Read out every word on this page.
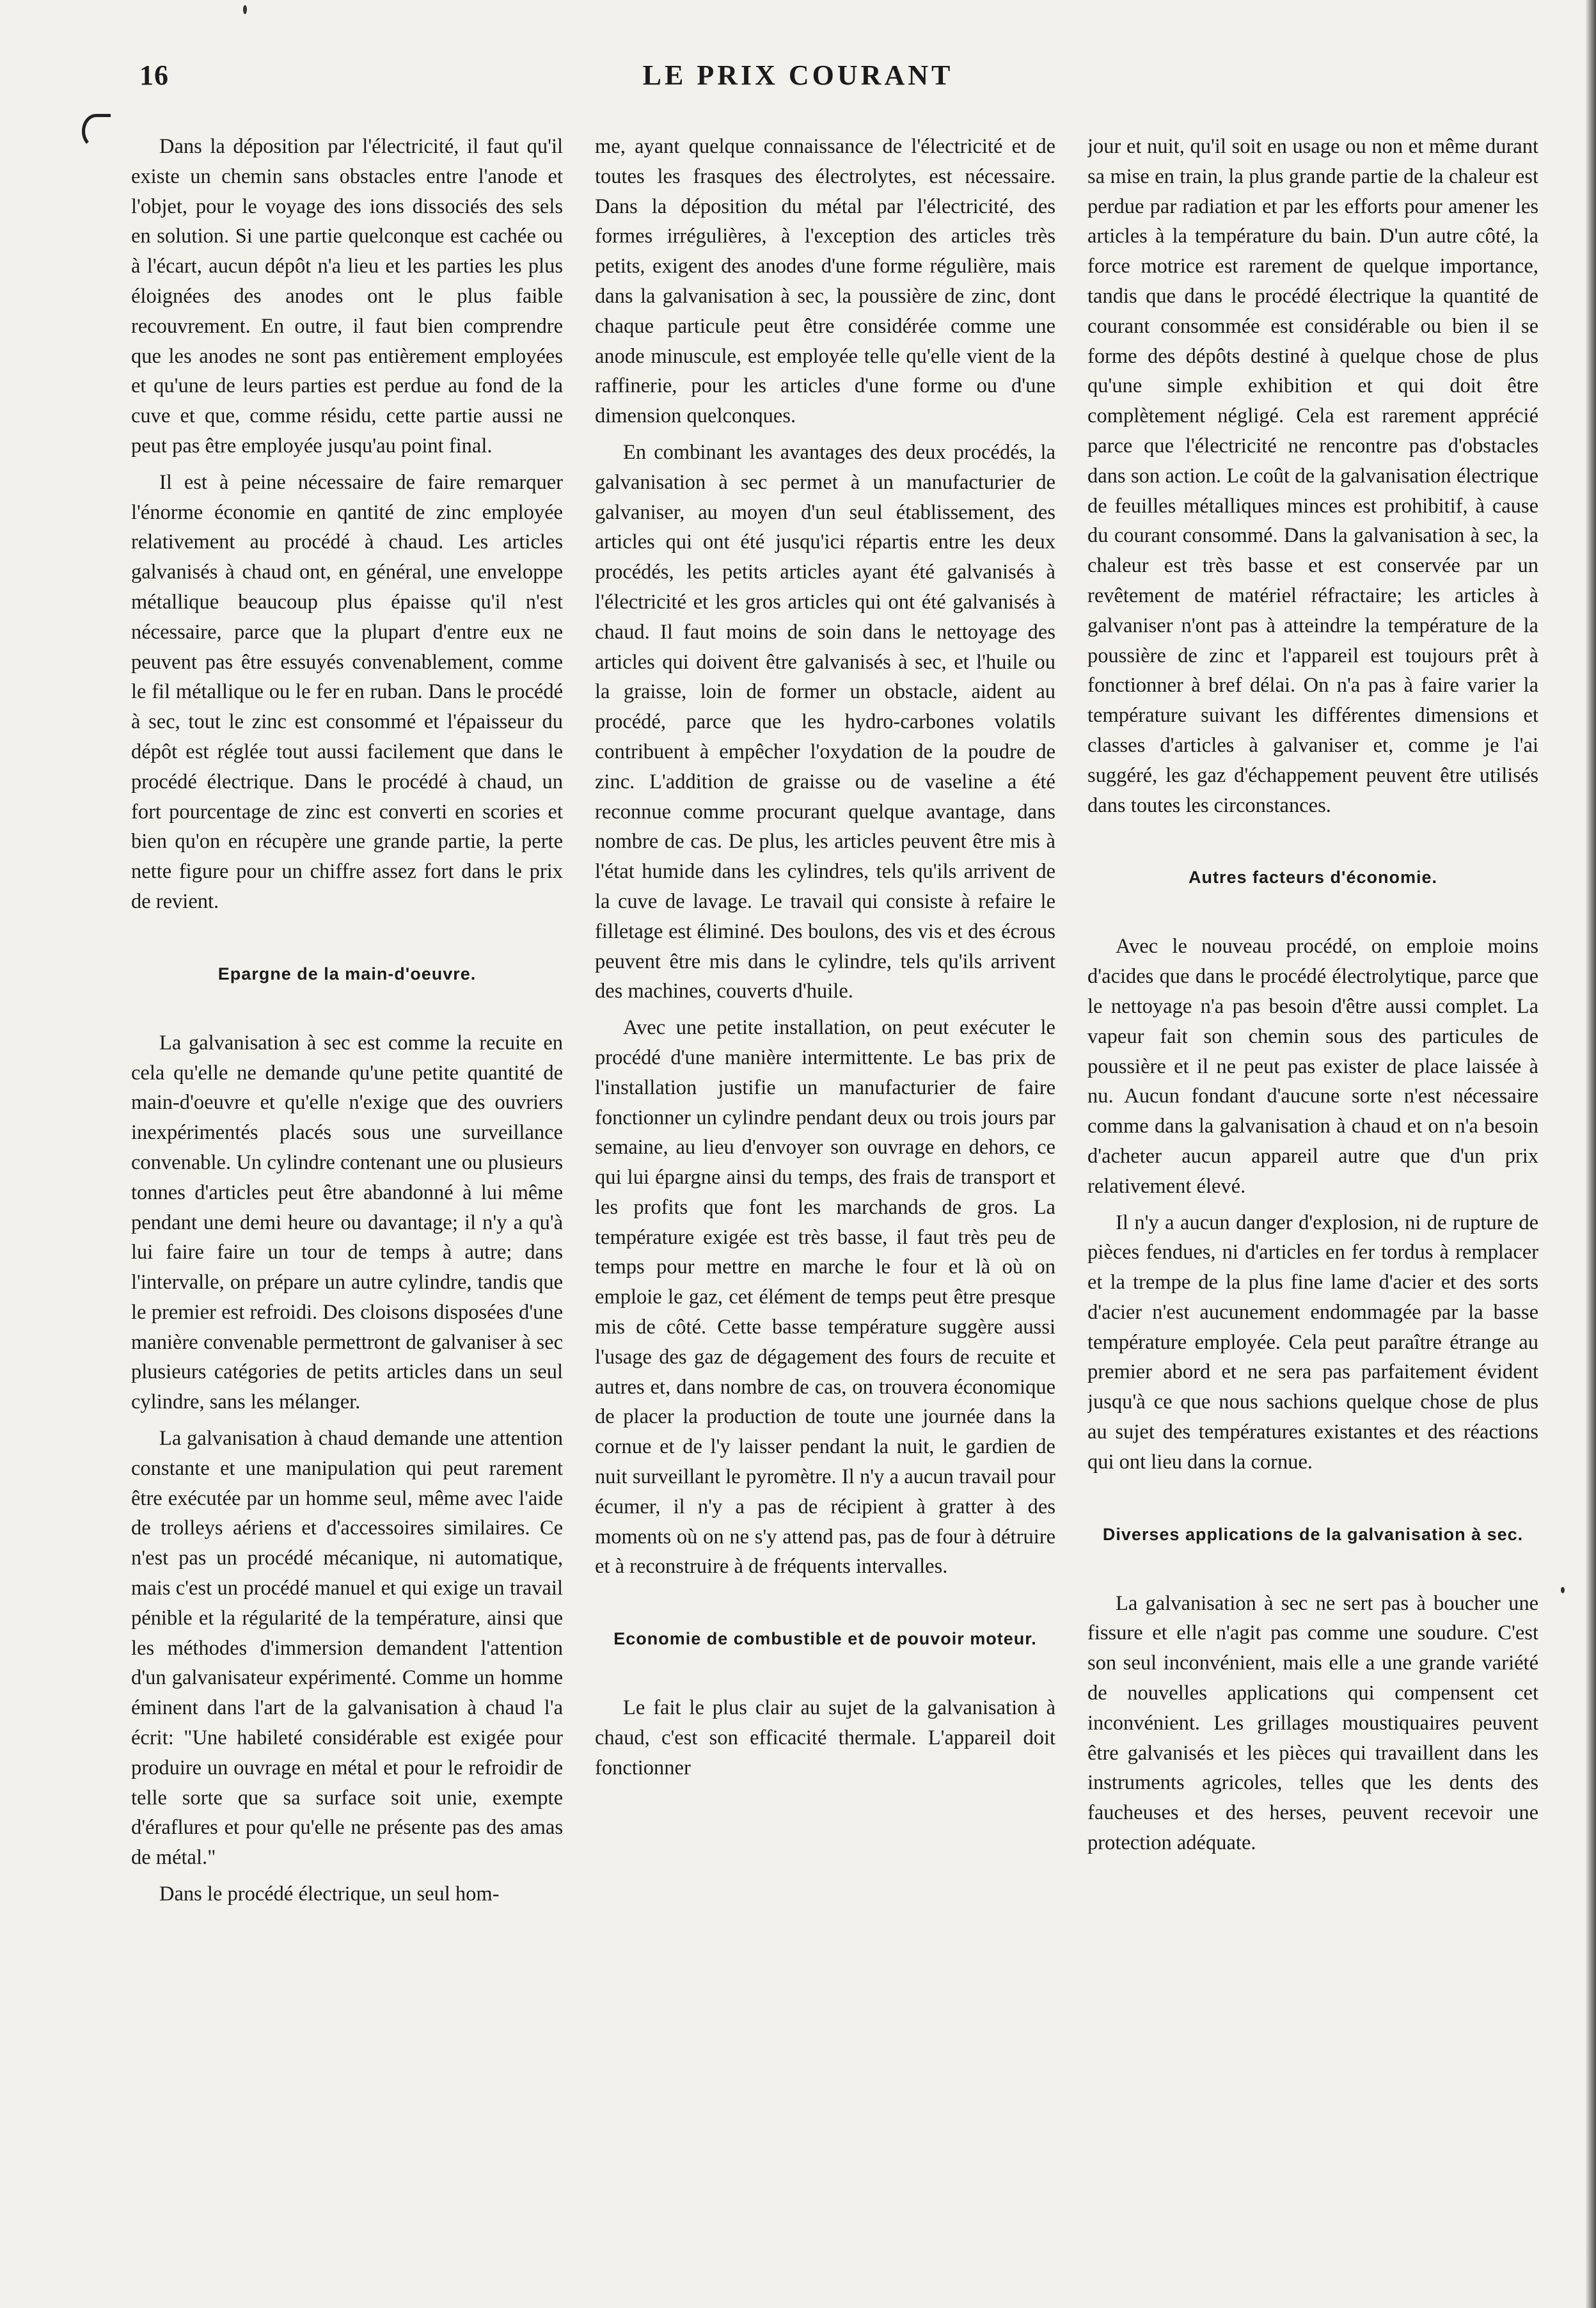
16	LE PRIX COURANT

Dans la déposition par l'électricité, il faut qu'il existe un chemin sans obstacles entre l'anode et l'objet, pour le voyage des ions dissociés des sels en solution. Si une partie quelconque est cachée ou à l'écart, aucun dépôt n'a lieu et les parties les plus éloignées des anodes ont le plus faible recouvrement. En outre, il faut bien comprendre que les anodes ne sont pas entièrement employées et qu'une de leurs parties est perdue au fond de la cuve et que, comme résidu, cette partie aussi ne peut pas être employée jusqu'au point final.

Il est à peine nécessaire de faire remarquer l'énorme économie en qantité de zinc employée relativement au procédé à chaud. Les articles galvanisés à chaud ont, en général, une enveloppe métallique beaucoup plus épaisse qu'il n'est nécessaire, parce que la plupart d'entre eux ne peuvent pas être essuyés convenablement, comme le fil métallique ou le fer en ruban. Dans le procédé à sec, tout le zinc est consommé et l'épaisseur du dépôt est réglée tout aussi facilement que dans le procédé électrique. Dans le procédé à chaud, un fort pourcentage de zinc est converti en scories et bien qu'on en récupère une grande partie, la perte nette figure pour un chiffre assez fort dans le prix de revient.

Epargne de la main-d'oeuvre.

La galvanisation à sec est comme la recuite en cela qu'elle ne demande qu'une petite quantité de main-d'oeuvre et qu'elle n'exige que des ouvriers inexpérimentés placés sous une surveillance convenable. Un cylindre contenant une ou plusieurs tonnes d'articles peut être abandonné à lui même pendant une demi heure ou davantage; il n'y a qu'à lui faire faire un tour de temps à autre; dans l'intervalle, on prépare un autre cylindre, tandis que le premier est refroidi. Des cloisons disposées d'une manière convenable permettront de galvaniser à sec plusieurs catégories de petits articles dans un seul cylindre, sans les mélanger.

La galvanisation à chaud demande une attention constante et une manipulation qui peut rarement être exécutée par un homme seul, même avec l'aide de trolleys aériens et d'accessoires similaires. Ce n'est pas un procédé mécanique, ni automatique, mais c'est un procédé manuel et qui exige un travail pénible et la régularité de la température, ainsi que les méthodes d'immersion demandent l'attention d'un galvanisateur expérimenté. Comme un homme éminent dans l'art de la galvanisation à chaud l'a écrit: "Une habileté considérable est exigée pour produire un ouvrage en métal et pour le refroidir de telle sorte que sa surface soit unie, exempte d'éraflures et pour qu'elle ne présente pas des amas de métal."

Dans le procédé électrique, un seul hom-

me, ayant quelque connaissance de l'électricité et de toutes les frasques des électrolytes, est nécessaire. Dans la déposition du métal par l'électricité, des formes irrégulières, à l'exception des articles très petits, exigent des anodes d'une forme régulière, mais dans la galvanisation à sec, la poussière de zinc, dont chaque particule peut être considérée comme une anode minuscule, est employée telle qu'elle vient de la raffinerie, pour les articles d'une forme ou d'une dimension quelconques.

En combinant les avantages des deux procédés, la galvanisation à sec permet à un manufacturier de galvaniser, au moyen d'un seul établissement, des articles qui ont été jusqu'ici répartis entre les deux procédés, les petits articles ayant été galvanisés à l'électricité et les gros articles qui ont été galvanisés à chaud. Il faut moins de soin dans le nettoyage des articles qui doivent être galvanisés à sec, et l'huile ou la graisse, loin de former un obstacle, aident au procédé, parce que les hydro-carbones volatils contribuent à empêcher l'oxydation de la poudre de zinc. L'addition de graisse ou de vaseline a été reconnue comme procurant quelque avantage, dans nombre de cas. De plus, les articles peuvent être mis à l'état humide dans les cylindres, tels qu'ils arrivent de la cuve de lavage. Le travail qui consiste à refaire le filletage est éliminé. Des boulons, des vis et des écrous peuvent être mis dans le cylindre, tels qu'ils arrivent des machines, couverts d'huile.

Avec une petite installation, on peut exécuter le procédé d'une manière intermittente. Le bas prix de l'installation justifie un manufacturier de faire fonctionner un cylindre pendant deux ou trois jours par semaine, au lieu d'envoyer son ouvrage en dehors, ce qui lui épargne ainsi du temps, des frais de transport et les profits que font les marchands de gros. La température exigée est très basse, il faut très peu de temps pour mettre en marche le four et là où on emploie le gaz, cet élément de temps peut être presque mis de côté. Cette basse température suggère aussi l'usage des gaz de dégagement des fours de recuite et autres et, dans nombre de cas, on trouvera économique de placer la production de toute une journée dans la cornue et de l'y laisser pendant la nuit, le gardien de nuit surveillant le pyromètre. Il n'y a aucun travail pour écumer, il n'y a pas de récipient à gratter à des moments où on ne s'y attend pas, pas de four à détruire et à reconstruire à de fréquents intervalles.

Economie de combustible et de pouvoir moteur.

Le fait le plus clair au sujet de la galvanisation à chaud, c'est son efficacité thermale. L'appareil doit fonctionner

jour et nuit, qu'il soit en usage ou non et même durant sa mise en train, la plus grande partie de la chaleur est perdue par radiation et par les efforts pour amener les articles à la température du bain. D'un autre côté, la force motrice est rarement de quelque importance, tandis que dans le procédé électrique la quantité de courant consommée est considérable ou bien il se forme des dépôts destiné à quelque chose de plus qu'une simple exhibition et qui doit être complètement négligé. Cela est rarement apprécié parce que l'électricité ne rencontre pas d'obstacles dans son action. Le coût de la galvanisation électrique de feuilles métalliques minces est prohibitif, à cause du courant consommé. Dans la galvanisation à sec, la chaleur est très basse et est conservée par un revêtement de matériel réfractaire; les articles à galvaniser n'ont pas à atteindre la température de la poussière de zinc et l'appareil est toujours prêt à fonctionner à bref délai. On n'a pas à faire varier la température suivant les différentes dimensions et classes d'articles à galvaniser et, comme je l'ai suggéré, les gaz d'échappement peuvent être utilisés dans toutes les circonstances.

Autres facteurs d'économie.

Avec le nouveau procédé, on emploie moins d'acides que dans le procédé électrolytique, parce que le nettoyage n'a pas besoin d'être aussi complet. La vapeur fait son chemin sous des particules de poussière et il ne peut pas exister de place laissée à nu. Aucun fondant d'aucune sorte n'est nécessaire comme dans la galvanisation à chaud et on n'a besoin d'acheter aucun appareil autre que d'un prix relativement élevé.

Il n'y a aucun danger d'explosion, ni de rupture de pièces fendues, ni d'articles en fer tordus à remplacer et la trempe de la plus fine lame d'acier et des sorts d'acier n'est aucunement endommagée par la basse température employée. Cela peut paraître étrange au premier abord et ne sera pas parfaitement évident jusqu'à ce que nous sachions quelque chose de plus au sujet des températures existantes et des réactions qui ont lieu dans la cornue.

Diverses applications de la galvanisation à sec.

La galvanisation à sec ne sert pas à boucher une fissure et elle n'agit pas comme une soudure. C'est son seul inconvénient, mais elle a une grande variété de nouvelles applications qui compensent cet inconvénient. Les grillages moustiquaires peuvent être galvanisés et les pièces qui travaillent dans les instruments agricoles, telles que les dents des faucheuses et des herses, peuvent recevoir une protection adéquate.
